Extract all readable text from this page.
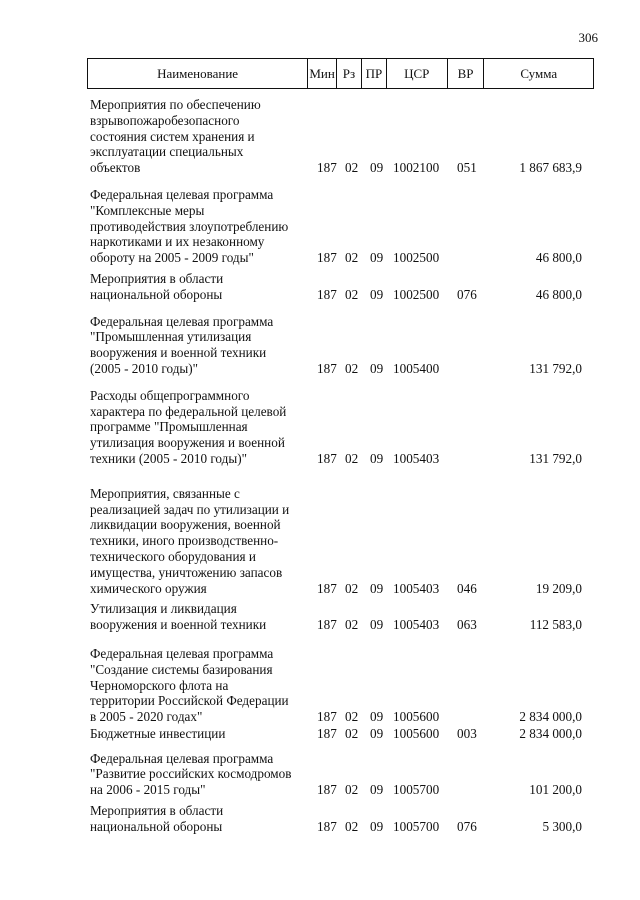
306
Наименование	Мин Рз ПР	ЦСР	ВР	Сумма
Мероприятия по обеспечению
взрывопожаробезопасного
состояния систем хранения и
эксплуатации специальных
объектов	187 02 09 1002100 051	1 867 683,9
Федеральная целевая программа
"Комплексные меры
противодействия злоупотреблению
наркотиками и их незаконному
обороту на 2005 - 2009 годы"	187 02 09 1002500	46 800,0
Мероприятия в области
национальной обороны	187 02 09 1002500 076	46 800,0
Федеральная целевая программа
"Промышленная утилизация
вооружения и военной техники
(2005 - 2010 годы)"	187 02 09 1005400	131 792,0
Расходы общепрограммного
характера по федеральной целевой
программе "Промышленная
утилизация вооружения и военной
техники (2005 - 2010 годы)"	187 02 09 1005403	131 792,0
Мероприятия, связанные с
реализацией задач по утилизации и
ликвидации вооружения, военной
техники, иного производственно-
технического оборудования и
имущества, уничтожению запасов
химического оружия	187 02 09 1005403 046	19 209,0
Утилизация и ликвидация
вооружения и военной техники	187 02 09 1005403 063	112 583,0
Федеральная целевая программа
"Создание системы базирования
Черноморского флота на
территории Российской Федерации
в 2005 - 2020 годах"	187 02 09 1005600	2 834 000,0
Бюджетные инвестиции	187 02 09 1005600 003	2 834 000,0
Федеральная целевая программа
"Развитие российских космодромов
на 2006 - 2015 годы"	187 02 09 1005700	101 200,0
Мероприятия в области
национальной обороны	187 02 09 1005700 076	5 300,0
